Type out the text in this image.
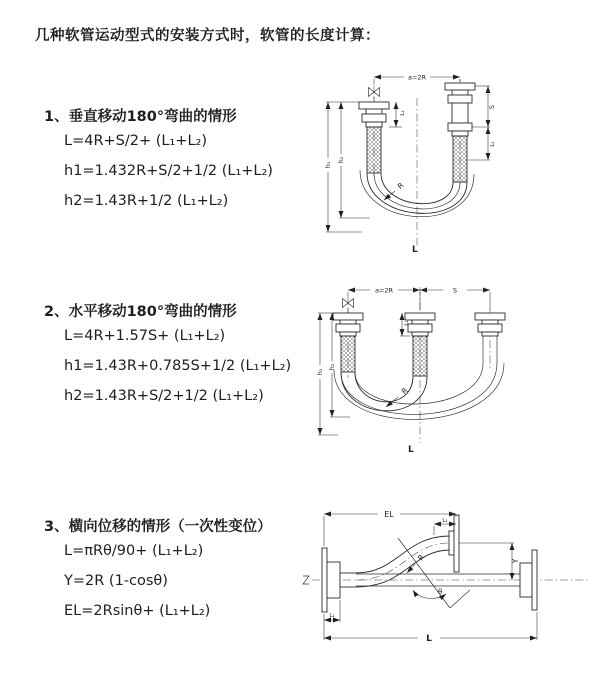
几种软管运动型式的安装方式时，软管的长度计算：
1、垂直移动180°弯曲的情形
L=4R+S/2+ (L₁+L₂)
h1=1.432R+S/2+1/2 (L₁+L₂)
h2=1.43R+1/2 (L₁+L₂)
2、水平移动180°弯曲的情形
L=4R+1.57S+ (L₁+L₂)
h1=1.43R+0.785S+1/2 (L₁+L₂)
h2=1.43R+S/2+1/2 (L₁+L₂)
3、横向位移的情形（一次性变位）
L=πRθ/90+ (L₁+L₂)
Y=2R (1-cosθ)
EL=2Rsinθ+ (L₁+L₂)
a=2R
h₁
h₂
L₁
S
L₁
R
L
a=2R	S
h₁
h₂
L₁
R
L
EL
L₁
Y
R
θ
L₁
L
